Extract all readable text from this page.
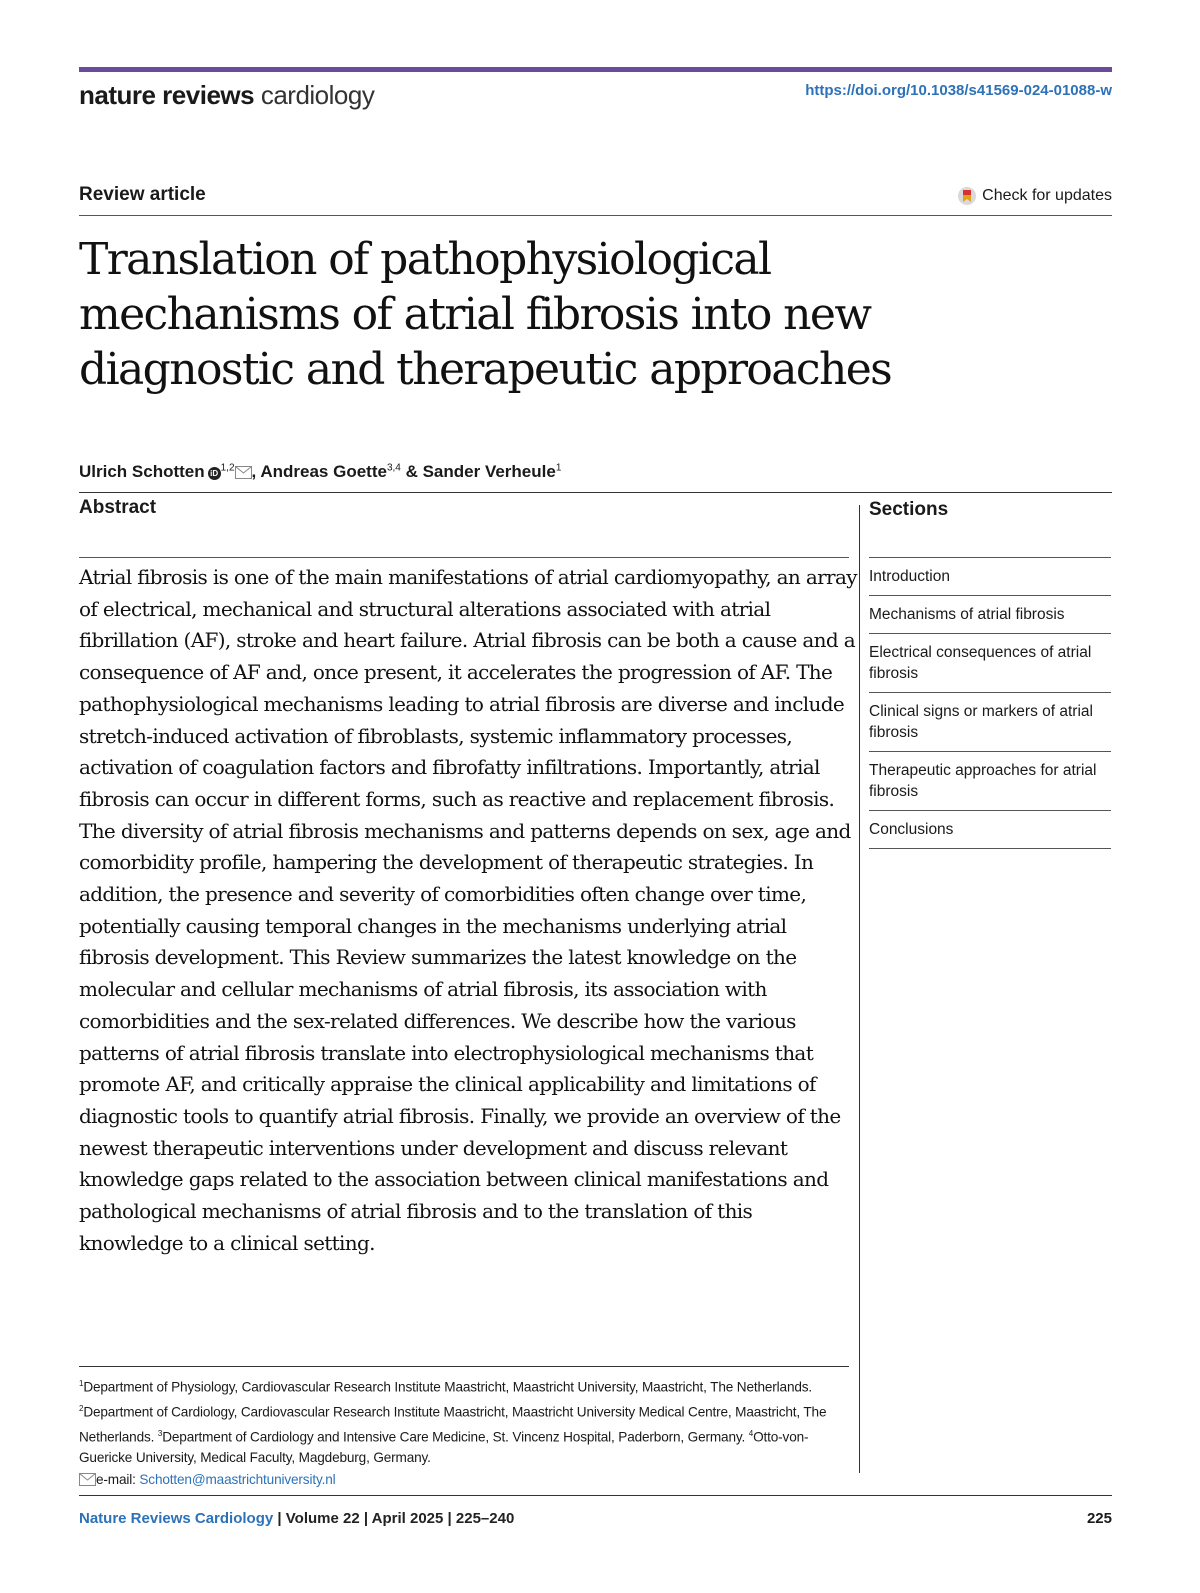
nature reviews cardiology	https://doi.org/10.1038/s41569-024-01088-w
Review article	Check for updates
Translation of pathophysiological mechanisms of atrial fibrosis into new diagnostic and therapeutic approaches
Ulrich Schotten iD$^{1,2}$ , Andreas Goette$^{3,4}$ & Sander Verheule$^1$
Abstract

Atrial fibrosis is one of the main manifestations of atrial cardiomyopathy, an array of electrical, mechanical and structural alterations associated with atrial fibrillation (AF), stroke and heart failure. Atrial fibrosis can be both a cause and a consequence of AF and, once present, it accelerates the progression of AF. The pathophysiological mechanisms leading to atrial fibrosis are diverse and include stretch-induced activation of fibroblasts, systemic inflammatory processes, activation of coagulation factors and fibrofatty infiltrations. Importantly, atrial fibrosis can occur in different forms, such as reactive and replacement fibrosis. The diversity of atrial fibrosis mechanisms and patterns depends on sex, age and comorbidity profile, hampering the development of therapeutic strategies. In addition, the presence and severity of comorbidities often change over time, potentially causing temporal changes in the mechanisms underlying atrial fibrosis development. This Review summarizes the latest knowledge on the molecular and cellular mechanisms of atrial fibrosis, its association with comorbidities and the sex-related differences. We describe how the various patterns of atrial fibrosis translate into electrophysiological mechanisms that promote AF, and critically appraise the clinical applicability and limitations of diagnostic tools to quantify atrial fibrosis. Finally, we provide an overview of the newest therapeutic interventions under development and discuss relevant knowledge gaps related to the association between clinical manifestations and pathological mechanisms of atrial fibrosis and to the translation of this knowledge to a clinical setting.

Sections
Introduction
Mechanisms of atrial fibrosis
Electrical consequences of atrial fibrosis
Clinical signs or markers of atrial fibrosis
Therapeutic approaches for atrial fibrosis
Conclusions

$^1$Department of Physiology, Cardiovascular Research Institute Maastricht, Maastricht University, Maastricht, The Netherlands. $^2$Department of Cardiology, Cardiovascular Research Institute Maastricht, Maastricht University Medical Centre, Maastricht, The Netherlands. $^3$Department of Cardiology and Intensive Care Medicine, St. Vincenz Hospital, Paderborn, Germany. $^4$Otto-von-Guericke University, Medical Faculty, Magdeburg, Germany.
e-mail: Schotten@maastrichtuniversity.nl

Nature Reviews Cardiology | Volume 22 | April 2025 | 225–240	225
